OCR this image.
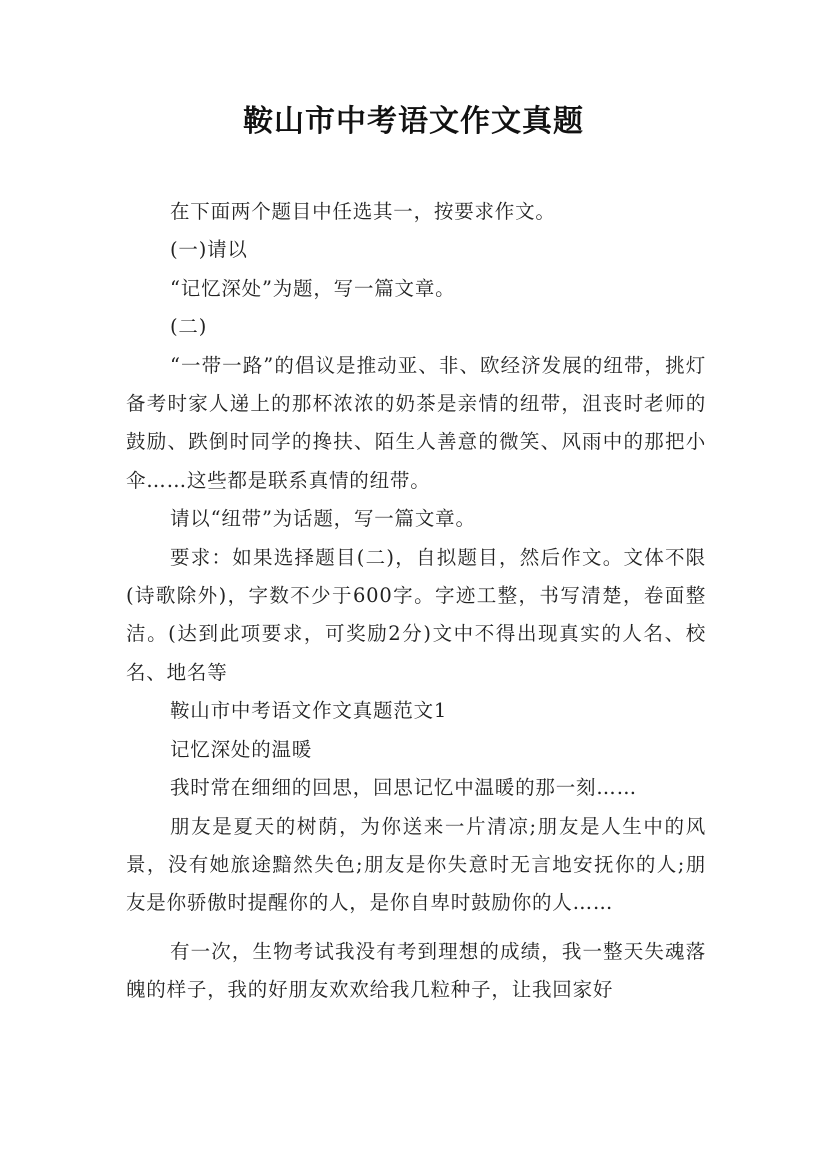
鞍山市中考语文作文真题

在下面两个题目中任选其一，按要求作文。

(一)请以

“记忆深处”为题，写一篇文章。

(二)

“一带一路”的倡议是推动亚、非、欧经济发展的纽带，挑灯备考时家人递上的那杯浓浓的奶茶是亲情的纽带，沮丧时老师的鼓励、跌倒时同学的搀扶、陌生人善意的微笑、风雨中的那把小伞……这些都是联系真情的纽带。

请以“纽带”为话题，写一篇文章。

要求：如果选择题目(二)，自拟题目，然后作文。文体不限(诗歌除外)，字数不少于600字。字迹工整，书写清楚，卷面整洁。(达到此项要求，可奖励2分)文中不得出现真实的人名、校名、地名等

鞍山市中考语文作文真题范文1

记忆深处的温暖

我时常在细细的回思，回思记忆中温暖的那一刻……

朋友是夏天的树荫，为你送来一片清凉;朋友是人生中的风景，没有她旅途黯然失色;朋友是你失意时无言地安抚你的人;朋友是你骄傲时提醒你的人，是你自卑时鼓励你的人……

有一次，生物考试我没有考到理想的成绩，我一整天失魂落魄的样子，我的好朋友欢欢给我几粒种子，让我回家好
